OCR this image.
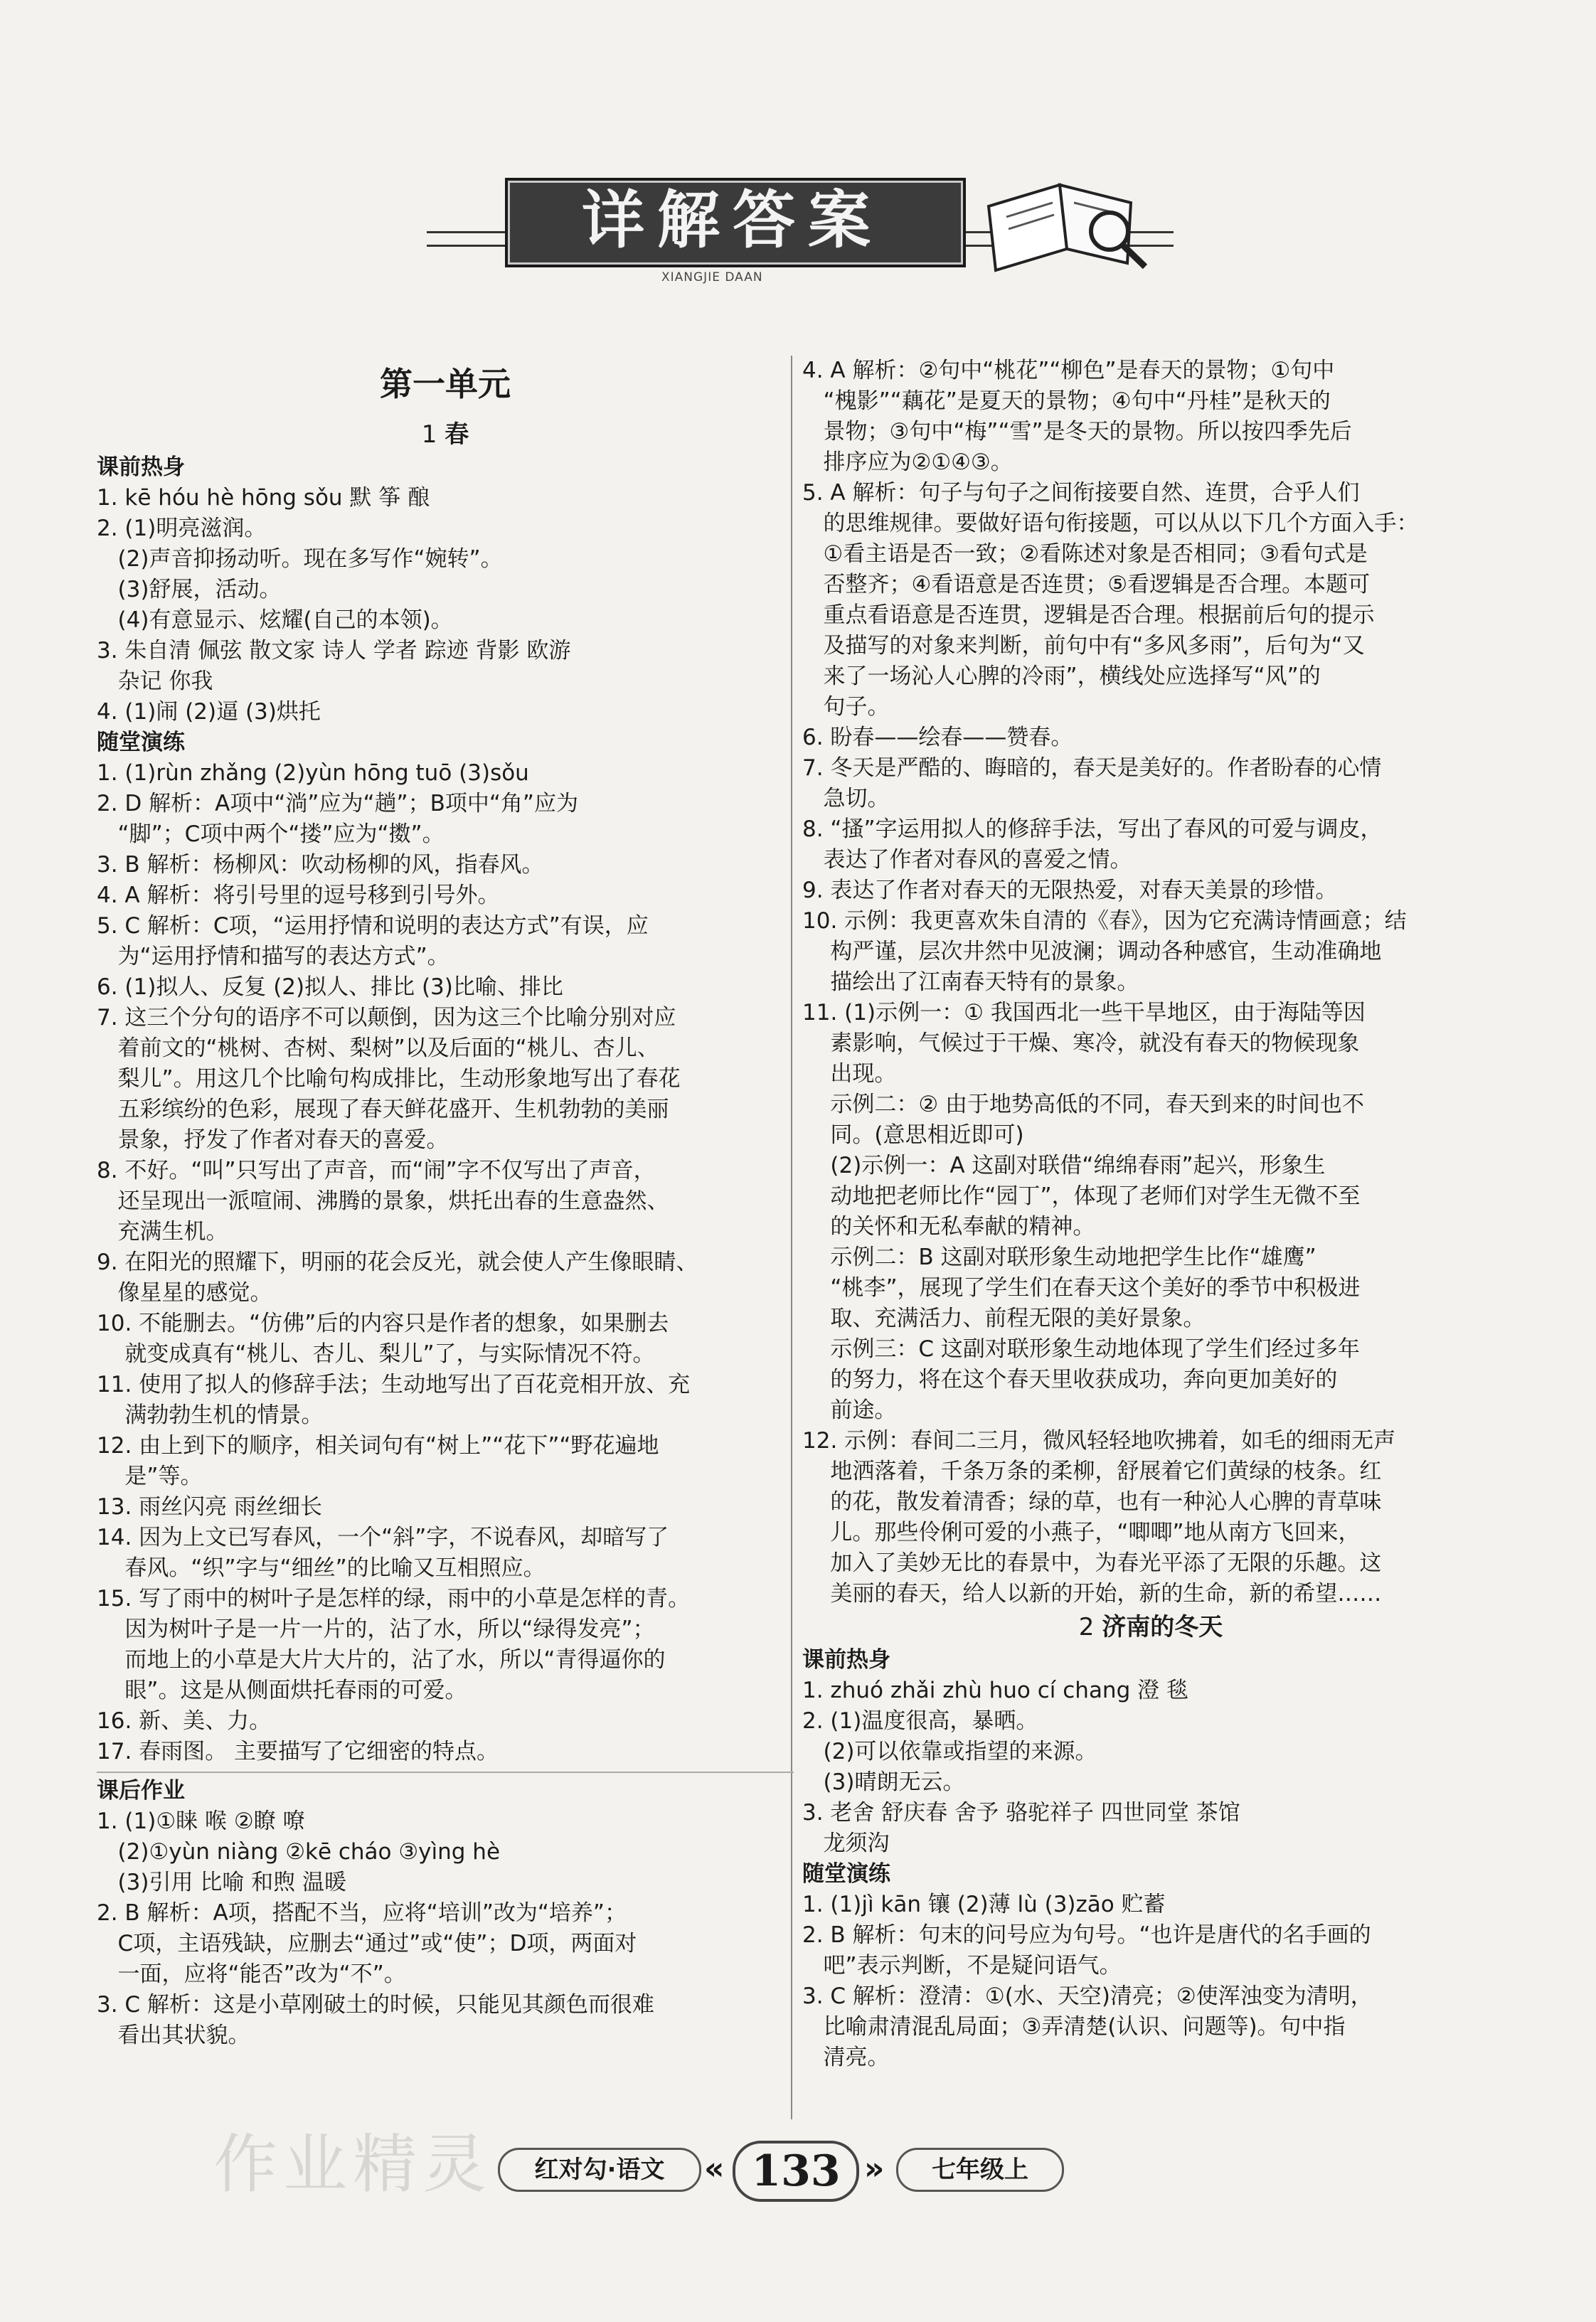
详解答案
XIANGJIE DAAN
第一单元
1 春
课前热身
1. kē hóu hè hōng sǒu 默 筝 酿
2. (1)明亮滋润。
(2)声音抑扬动听。现在多写作“婉转”。
(3)舒展，活动。
(4)有意显示、炫耀(自己的本领)。
3. 朱自清 佩弦 散文家 诗人 学者 踪迹 背影 欧游
杂记 你我
4. (1)闹 (2)逼 (3)烘托
随堂演练
1. (1)rùn zhǎng (2)yùn hōng tuō (3)sǒu
2. D 解析：A项中“淌”应为“趟”；B项中“角”应为
“脚”；C项中两个“搂”应为“擞”。
3. B 解析：杨柳风：吹动杨柳的风，指春风。
4. A 解析：将引号里的逗号移到引号外。
5. C 解析：C项，“运用抒情和说明的表达方式”有误，应
为“运用抒情和描写的表达方式”。
6. (1)拟人、反复 (2)拟人、排比 (3)比喻、排比
7. 这三个分句的语序不可以颠倒，因为这三个比喻分别对应
着前文的“桃树、杏树、梨树”以及后面的“桃儿、杏儿、
梨儿”。用这几个比喻句构成排比，生动形象地写出了春花
五彩缤纷的色彩，展现了春天鲜花盛开、生机勃勃的美丽
景象，抒发了作者对春天的喜爱。
8. 不好。“叫”只写出了声音，而“闹”字不仅写出了声音，
还呈现出一派喧闹、沸腾的景象，烘托出春的生意盎然、
充满生机。
9. 在阳光的照耀下，明丽的花会反光，就会使人产生像眼睛、
像星星的感觉。
10. 不能删去。“仿佛”后的内容只是作者的想象，如果删去
就变成真有“桃儿、杏儿、梨儿”了，与实际情况不符。
11. 使用了拟人的修辞手法；生动地写出了百花竞相开放、充
满勃勃生机的情景。
12. 由上到下的顺序，相关词句有“树上”“花下”“野花遍地
是”等。
13. 雨丝闪亮 雨丝细长
14. 因为上文已写春风，一个“斜”字，不说春风，却暗写了
春风。“织”字与“细丝”的比喻又互相照应。
15. 写了雨中的树叶子是怎样的绿，雨中的小草是怎样的青。
因为树叶子是一片一片的，沾了水，所以“绿得发亮”；
而地上的小草是大片大片的，沾了水，所以“青得逼你的
眼”。这是从侧面烘托春雨的可爱。
16. 新、美、力。
17. 春雨图。 主要描写了它细密的特点。
课后作业
1. (1)①睐 喉 ②瞭 嘹
(2)①yùn niàng ②kē cháo ③yìng hè
(3)引用 比喻 和煦 温暖
2. B 解析：A项，搭配不当，应将“培训”改为“培养”；
C项，主语残缺，应删去“通过”或“使”；D项，两面对
一面，应将“能否”改为“不”。
3. C 解析：这是小草刚破土的时候，只能见其颜色而很难
看出其状貌。
4. A 解析：②句中“桃花”“柳色”是春天的景物；①句中
“槐影”“藕花”是夏天的景物；④句中“丹桂”是秋天的
景物；③句中“梅”“雪”是冬天的景物。所以按四季先后
排序应为②①④③。
5. A 解析：句子与句子之间衔接要自然、连贯，合乎人们
的思维规律。要做好语句衔接题，可以从以下几个方面入手：
①看主语是否一致；②看陈述对象是否相同；③看句式是
否整齐；④看语意是否连贯；⑤看逻辑是否合理。本题可
重点看语意是否连贯，逻辑是否合理。根据前后句的提示
及描写的对象来判断，前句中有“多风多雨”，后句为“又
来了一场沁人心脾的冷雨”，横线处应选择写“风”的
句子。
6. 盼春——绘春——赞春。
7. 冬天是严酷的、晦暗的，春天是美好的。作者盼春的心情
急切。
8. “搔”字运用拟人的修辞手法，写出了春风的可爱与调皮，
表达了作者对春风的喜爱之情。
9. 表达了作者对春天的无限热爱，对春天美景的珍惜。
10. 示例：我更喜欢朱自清的《春》，因为它充满诗情画意；结
构严谨，层次井然中见波澜；调动各种感官，生动准确地
描绘出了江南春天特有的景象。
11. (1)示例一：① 我国西北一些干旱地区，由于海陆等因
素影响，气候过于干燥、寒冷，就没有春天的物候现象
出现。
示例二：② 由于地势高低的不同，春天到来的时间也不
同。(意思相近即可)
(2)示例一：A 这副对联借“绵绵春雨”起兴，形象生
动地把老师比作“园丁”，体现了老师们对学生无微不至
的关怀和无私奉献的精神。
示例二：B 这副对联形象生动地把学生比作“雄鹰”
“桃李”，展现了学生们在春天这个美好的季节中积极进
取、充满活力、前程无限的美好景象。
示例三：C 这副对联形象生动地体现了学生们经过多年
的努力，将在这个春天里收获成功，奔向更加美好的
前途。
12. 示例：春间二三月，微风轻轻地吹拂着，如毛的细雨无声
地洒落着，千条万条的柔柳，舒展着它们黄绿的枝条。红
的花，散发着清香；绿的草，也有一种沁人心脾的青草味
儿。那些伶俐可爱的小燕子，“唧唧”地从南方飞回来，
加入了美妙无比的春景中，为春光平添了无限的乐趣。这
美丽的春天，给人以新的开始，新的生命，新的希望……
2 济南的冬天
课前热身
1. zhuó zhǎi zhù huo cí chang 澄 毯
2. (1)温度很高，暴晒。
(2)可以依靠或指望的来源。
(3)晴朗无云。
3. 老舍 舒庆春 舍予 骆驼祥子 四世同堂 茶馆
龙须沟
随堂演练
1. (1)jì kān 镶 (2)薄 lù (3)zāo 贮蓄
2. B 解析：句末的问号应为句号。“也许是唐代的名手画的
吧”表示判断，不是疑问语气。
3. C 解析：澄清：①(水、天空)清亮；②使浑浊变为清明，
比喻肃清混乱局面；③弄清楚(认识、问题等)。句中指
清亮。
作业精灵	红对勾·语文	« 133 »	七年级上
